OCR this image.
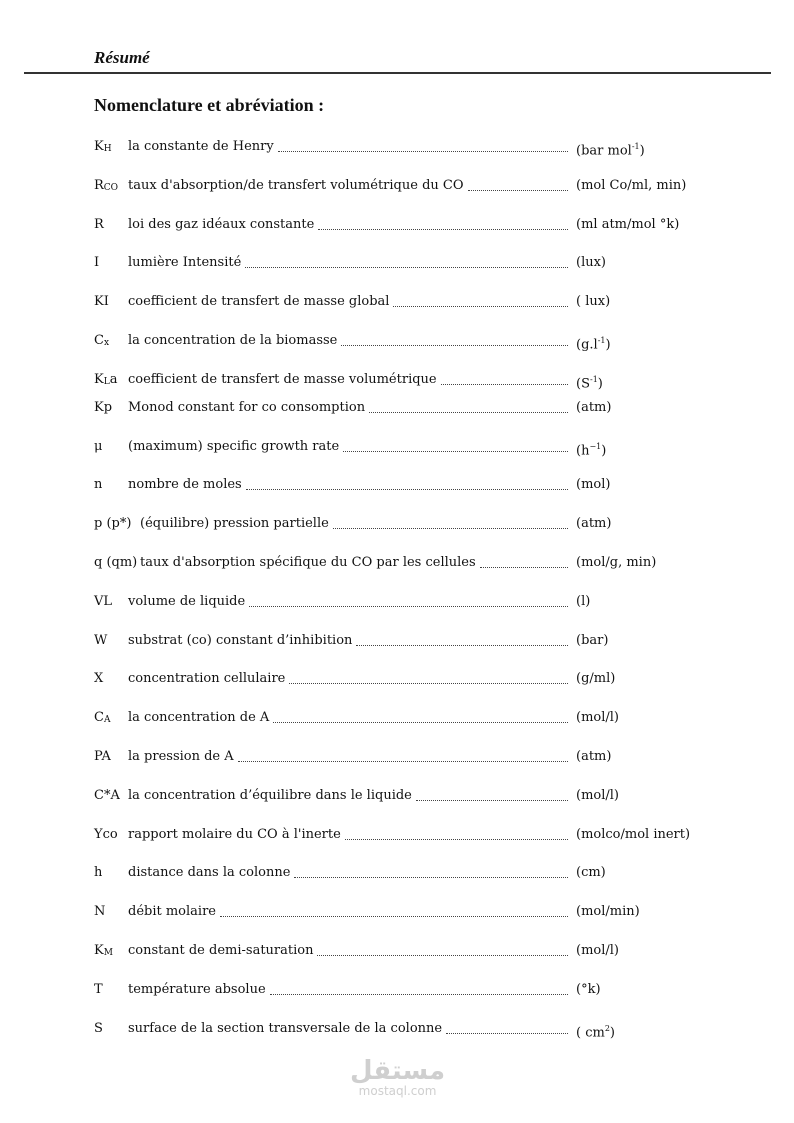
Résumé
Nomenclature et abréviation :
$K_H$ la constante de Henry	(bar mol$^{-1}$)
$R_{CO}$ taux d'absorption/de transfert volumétrique du CO	(mol Co/ml, min)
R loi des gaz idéaux constante	(ml atm/mol °k)
I lumière Intensité	(lux)
KI coefficient de transfert de masse global	( lux)
$C_x$ la concentration de la biomasse	$(g.l^{-1})$
$K_La$ coefficient de transfert de masse volumétrique	$(S^{-1})$
Kp Monod constant for co consomption	(atm)
μ (maximum) specific growth rate	$(h^{-1})$
n nombre de moles	(mol)
p (p*) (équilibre) pression partielle	(atm)
q (qm) taux d'absorption spécifique du CO par les cellules	(mol/g, min)
VL volume de liquide	(l)
W substrat (co) constant d’inhibition	(bar)
X concentration cellulaire	(g/ml)
$C_A$ la concentration de A	(mol/l)
PA la pression de A	(atm)
C*A la concentration d’équilibre dans le liquide	(mol/l)
Yco rapport molaire du CO à l'inerte	(molco/mol inert)
h distance dans la colonne	(cm)
N débit molaire	(mol/min)
$K_M$ constant de demi-saturation	(mol/l)
T température absolue	(°k)
S surface de la section transversale de la colonne	( $cm^2$)
مستقل
mostaql.com
